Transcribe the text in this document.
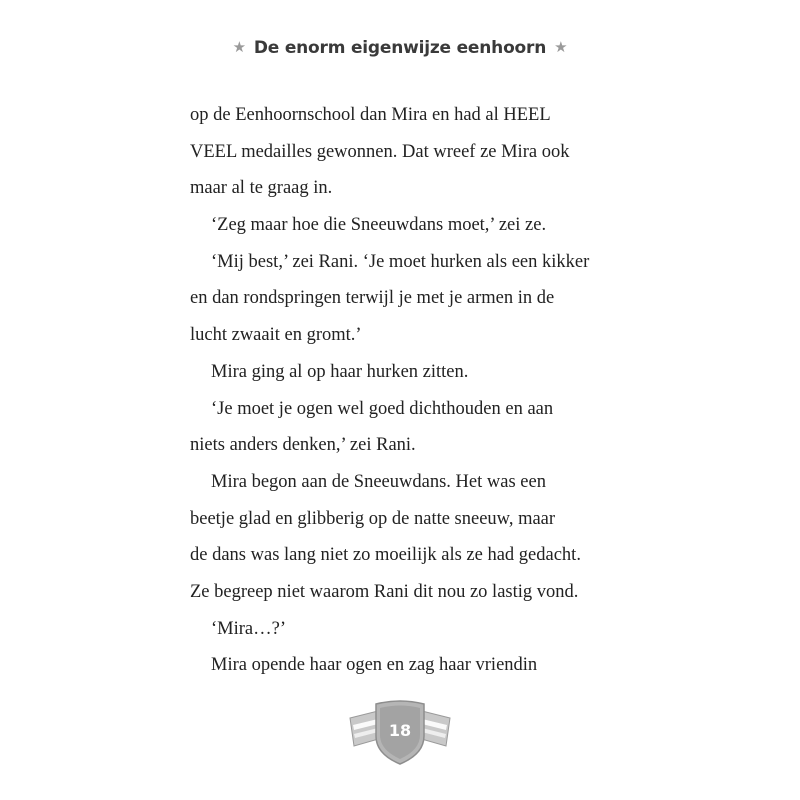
★ De enorm eigenwijze eenhoorn ★
op de Eenhoornschool dan Mira en had al HEEL
VEEL medailles gewonnen. Dat wreef ze Mira ook
maar al te graag in.
‘Zeg maar hoe die Sneeuwdans moet,’ zei ze.
‘Mij best,’ zei Rani. ‘Je moet hurken als een kikker
en dan rondspringen terwijl je met je armen in de
lucht zwaait en gromt.’
Mira ging al op haar hurken zitten.
‘Je moet je ogen wel goed dichthouden en aan
niets anders denken,’ zei Rani.
Mira begon aan de Sneeuwdans. Het was een
beetje glad en glibberig op de natte sneeuw, maar
de dans was lang niet zo moeilijk als ze had gedacht.
Ze begreep niet waarom Rani dit nou zo lastig vond.
‘Mira…?’
Mira opende haar ogen en zag haar vriendin
18
